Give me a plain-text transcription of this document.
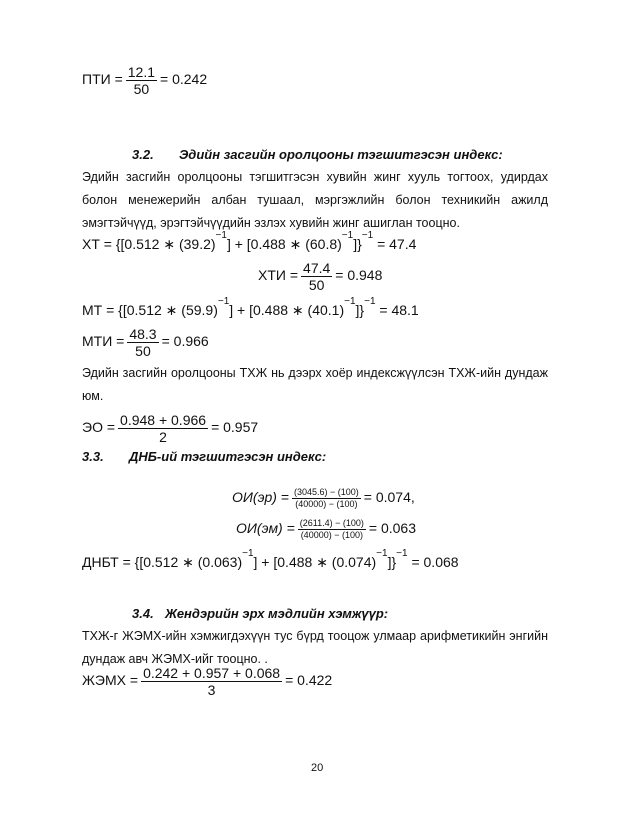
ПТИ = $\frac{12.1}{50} = 0.242$
3.2. Эдийн засгийн оролцооны тэгшитгэсэн индекс:
Эдийн засгийн оролцооны тэгшитгэсэн хувийн жинг хууль тогтоох, удирдах болон менежерийн албан тушаал, мэргэжлийн болон техникийн ажилд эмэгтэйчүүд, эрэгтэйчүүдийн эзлэх хувийн жинг ашиглан тооцно.
ХТ = {[0.512 ∗ $(39.2)^{-1}] + [0.488$ ∗ $(60.8)^{-1}]\}^{-1} = 47.4$
ХТИ = $\frac{47.4}{50} = 0.948$
МТ = {[0.512 ∗ $(59.9)^{-1}] + [0.488$ ∗ $(40.1)^{-1}]\}^{-1} = 48.1$
МТИ = $\frac{48.3}{50} = 0.966$
Эдийн засгийн оролцооны ТХЖ нь дээрх хоёр индексжүүлсэн ТХЖ-ийн дундаж юм.
ЭО = $\frac{0.948 + 0.966}{2} = 0.957$
3.3. ДНБ-ий тэгшитгэсэн индекс:
$ОИ(эр) = \frac{(3045.6) - (100)}{(40000) - (100)} = 0.074$,
$ОИ(эм) = \frac{(2611.4) - (100)}{(40000) - (100)} = 0.063$
ДНБТ = {[0.512 ∗ $(0.063)^{-1}] + [0.488$ ∗ $(0.074)^{-1}]\}^{-1} = 0.068$
3.4. Жендэрийн эрх мэдлийн хэмжүүр:
ТХЖ-г ЖЭМХ-ийн хэмжигдэхүүн тус бүрд тооцож улмаар арифметикийн энгийн дундаж авч ЖЭМХ-ийг тооцно. .
ЖЭМХ = $\frac{0.242 + 0.957 + 0.068}{3} = 0.422$
20
